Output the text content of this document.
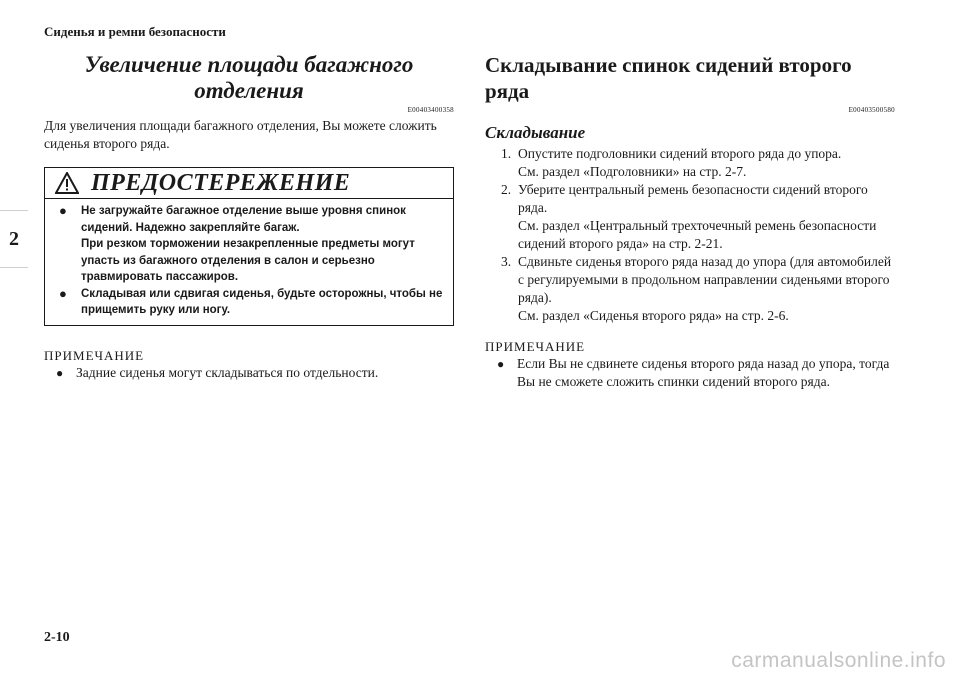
Сиденья и ремни безопасности
2
2-10
carmanualsonline.info
Увеличение площади багажного
отделения
E00403400358

Для увеличения площади багажного отделения, Вы можете сложить сиденья второго ряда.

ПРЕДОСТЕРЕЖЕНИЕ
● Не загружайте багажное отделение выше уровня спинок сидений. Надежно закрепляйте багаж.

При резком торможении незакрепленные предметы могут упасть из багажного отделения в салон и серьезно травмировать пассажиров.

● Складывая или сдвигая сиденья, будьте осторожны, чтобы не прищемить руку или ногу.

ПРИМЕЧАНИЕ
● Задние сиденья могут складываться по отдельности.
Складывание спинок сидений второго ряда
E00403500580
Складывание
1. Опустите подголовники сидений второго ряда до упора.

См. раздел «Подголовники» на стр. 2-7.

2. Уберите центральный ремень безопасности сидений второго ряда.

См. раздел «Центральный трехточечный ремень безопасности сидений второго ряда» на стр. 2-21.

3. Сдвиньте сиденья второго ряда назад до упора (для автомобилей с регулируемыми в продольном направлении сиденьями второго ряда).

См. раздел «Сиденья второго ряда» на стр. 2-6.

ПРИМЕЧАНИЕ
● Если Вы не сдвинете сиденья второго ряда назад до упора, тогда Вы не сможете сложить спинки сидений второго ряда.
